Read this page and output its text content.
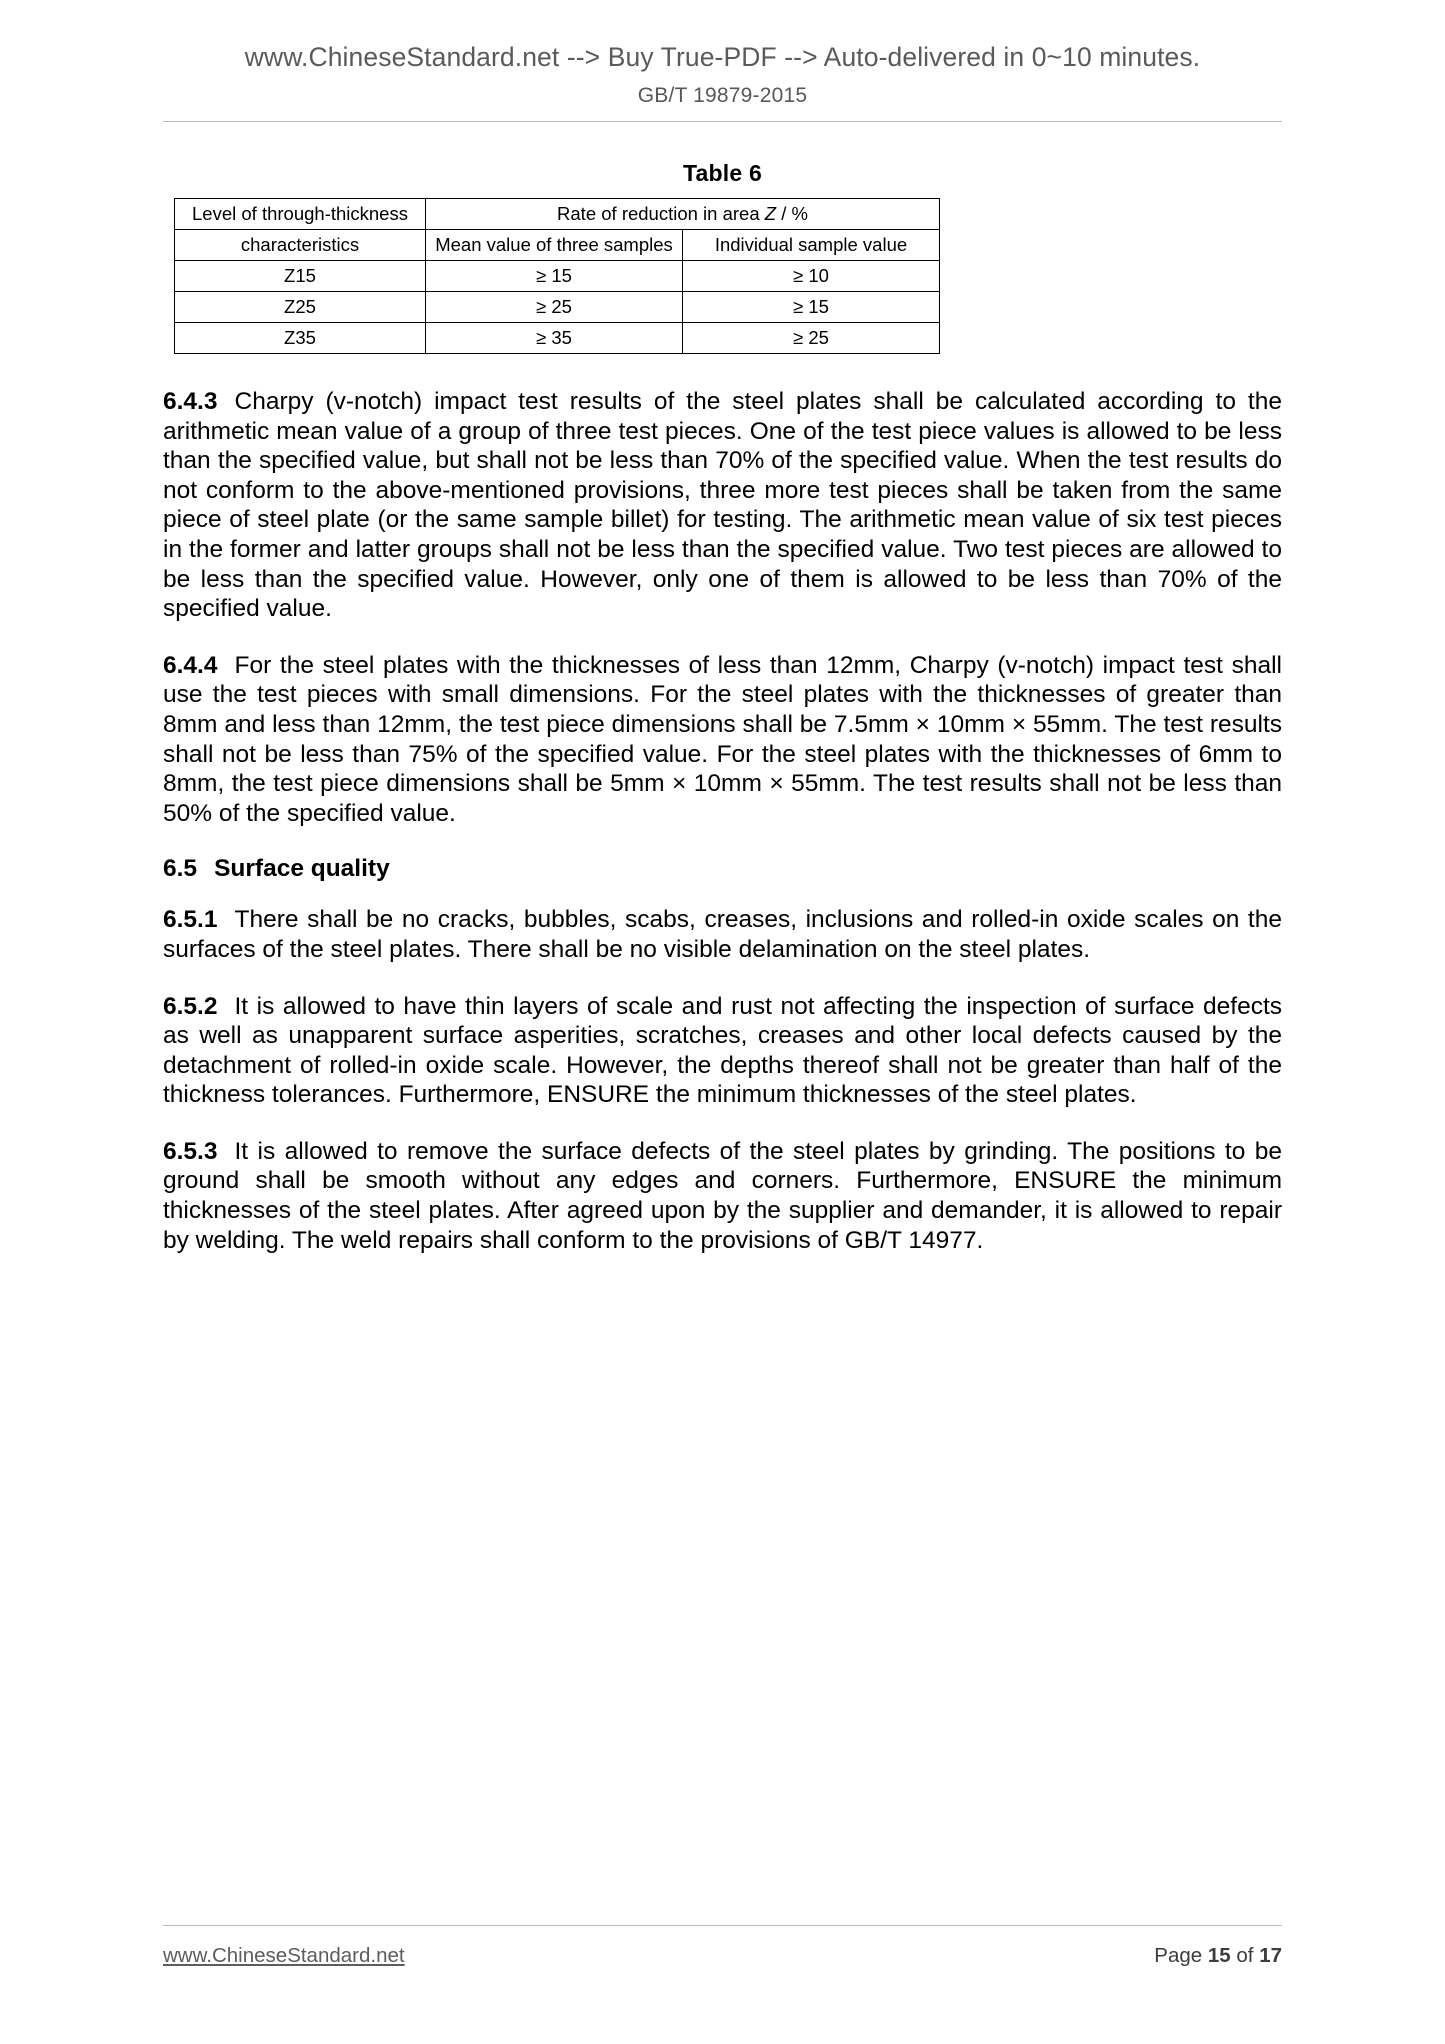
www.ChineseStandard.net --> Buy True-PDF --> Auto-delivered in 0~10 minutes.
GB/T 19879-2015
Table 6
Level of through-thickness	Rate of reduction in area Z / %	
characteristics	Mean value of three samples	Individual sample value
Z15	≥ 15	≥ 10
Z25	≥ 25	≥ 15
Z35	≥ 35	≥ 25

6.4.3 Charpy (v-notch) impact test results of the steel plates shall be calculated according to the arithmetic mean value of a group of three test pieces. One of the test piece values is allowed to be less than the specified value, but shall not be less than 70% of the specified value. When the test results do not conform to the above-mentioned provisions, three more test pieces shall be taken from the same piece of steel plate (or the same sample billet) for testing. The arithmetic mean value of six test pieces in the former and latter groups shall not be less than the specified value. Two test pieces are allowed to be less than the specified value. However, only one of them is allowed to be less than 70% of the specified value.

6.4.4 For the steel plates with the thicknesses of less than 12mm, Charpy (v-notch) impact test shall use the test pieces with small dimensions. For the steel plates with the thicknesses of greater than 8mm and less than 12mm, the test piece dimensions shall be 7.5mm × 10mm × 55mm. The test results shall not be less than 75% of the specified value. For the steel plates with the thicknesses of 6mm to 8mm, the test piece dimensions shall be 5mm × 10mm × 55mm. The test results shall not be less than 50% of the specified value.

6.5 Surface quality

6.5.1 There shall be no cracks, bubbles, scabs, creases, inclusions and rolled-in oxide scales on the surfaces of the steel plates. There shall be no visible delamination on the steel plates.

6.5.2 It is allowed to have thin layers of scale and rust not affecting the inspection of surface defects as well as unapparent surface asperities, scratches, creases and other local defects caused by the detachment of rolled-in oxide scale. However, the depths thereof shall not be greater than half of the thickness tolerances. Furthermore, ENSURE the minimum thicknesses of the steel plates.

6.5.3 It is allowed to remove the surface defects of the steel plates by grinding. The positions to be ground shall be smooth without any edges and corners. Furthermore, ENSURE the minimum thicknesses of the steel plates. After agreed upon by the supplier and demander, it is allowed to repair by welding. The weld repairs shall conform to the provisions of GB/T 14977.

www.ChineseStandard.net	Page 15 of 17
